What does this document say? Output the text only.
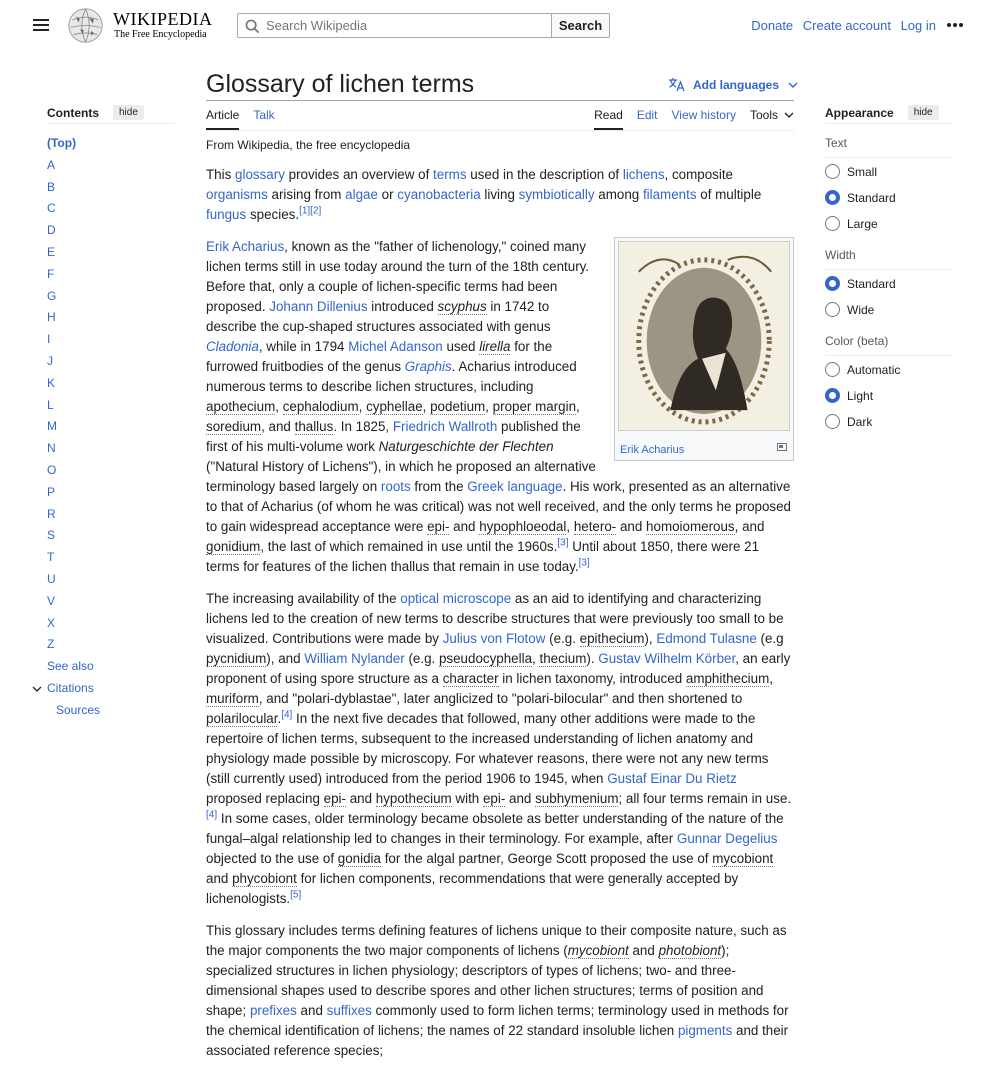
WIKIPEDIA
The Free Encyclopedia
Search Wikipedia
Search	Donate Create account Log in
Contents	hide
(Top)
A
B
C
D
E
F
G
H
I
J
K
L
M
N
O
P
R
S
T
U
V
X
Z
See also
Citations
Sources
Glossary of lichen terms	Add languages
Article Talk	Read Edit View history Tools
From Wikipedia, the free encyclopedia

This glossary provides an overview of terms used in the description of lichens, composite organisms arising from algae or cyanobacteria living symbiotically among filaments of multiple fungus species.[1][2]

Erik Acharius

Erik Acharius, known as the "father of lichenology," coined many lichen terms still in use today around the turn of the 18th century. Before that, only a couple of lichen-specific terms had been proposed. Johann Dillenius introduced scyphus in 1742 to describe the cup-shaped structures associated with genus Cladonia, while in 1794 Michel Adanson used lirella for the furrowed fruitbodies of the genus Graphis. Acharius introduced numerous terms to describe lichen structures, including apothecium, cephalodium, cyphellae, podetium, proper margin, soredium, and thallus. In 1825, Friedrich Wallroth published the first of his multi-volume work Naturgeschichte der Flechten ("Natural History of Lichens"), in which he proposed an alternative terminology based largely on roots from the Greek language. His work, presented as an alternative to that of Acharius (of whom he was critical) was not well received, and the only terms he proposed to gain widespread acceptance were epi- and hypophloeodal, hetero- and homoiomerous, and gonidium, the last of which remained in use until the 1960s.[3] Until about 1850, there were 21 terms for features of the lichen thallus that remain in use today.[3]

The increasing availability of the optical microscope as an aid to identifying and characterizing lichens led to the creation of new terms to describe structures that were previously too small to be visualized. Contributions were made by Julius von Flotow (e.g. epithecium), Edmond Tulasne (e.g pycnidium), and William Nylander (e.g. pseudocyphella, thecium). Gustav Wilhelm Körber, an early proponent of using spore structure as a character in lichen taxonomy, introduced amphithecium, muriform, and "polari-dyblastae", later anglicized to "polari-bilocular" and then shortened to polarilocular.[4] In the next five decades that followed, many other additions were made to the repertoire of lichen terms, subsequent to the increased understanding of lichen anatomy and physiology made possible by microscopy. For whatever reasons, there were not any new terms (still currently used) introduced from the period 1906 to 1945, when Gustaf Einar Du Rietz proposed replacing epi- and hypothecium with epi- and subhymenium; all four terms remain in use.[4] In some cases, older terminology became obsolete as better understanding of the nature of the fungal–algal relationship led to changes in their terminology. For example, after Gunnar Degelius objected to the use of gonidia for the algal partner, George Scott proposed the use of mycobiont and phycobiont for lichen components, recommendations that were generally accepted by lichenologists.[5]

This glossary includes terms defining features of lichens unique to their composite nature, such as the major components the two major components of lichens (mycobiont and photobiont); specialized structures in lichen physiology; descriptors of types of lichens; two- and three-dimensional shapes used to describe spores and other lichen structures; terms of position and shape; prefixes and suffixes commonly used to form lichen terms; terminology used in methods for the chemical identification of lichens; the names of 22 standard insoluble lichen pigments and their associated reference species;

Appearance	hide
Text
Small
Standard
Large
Width
Standard
Wide
Color (beta)
Automatic
Light
Dark
